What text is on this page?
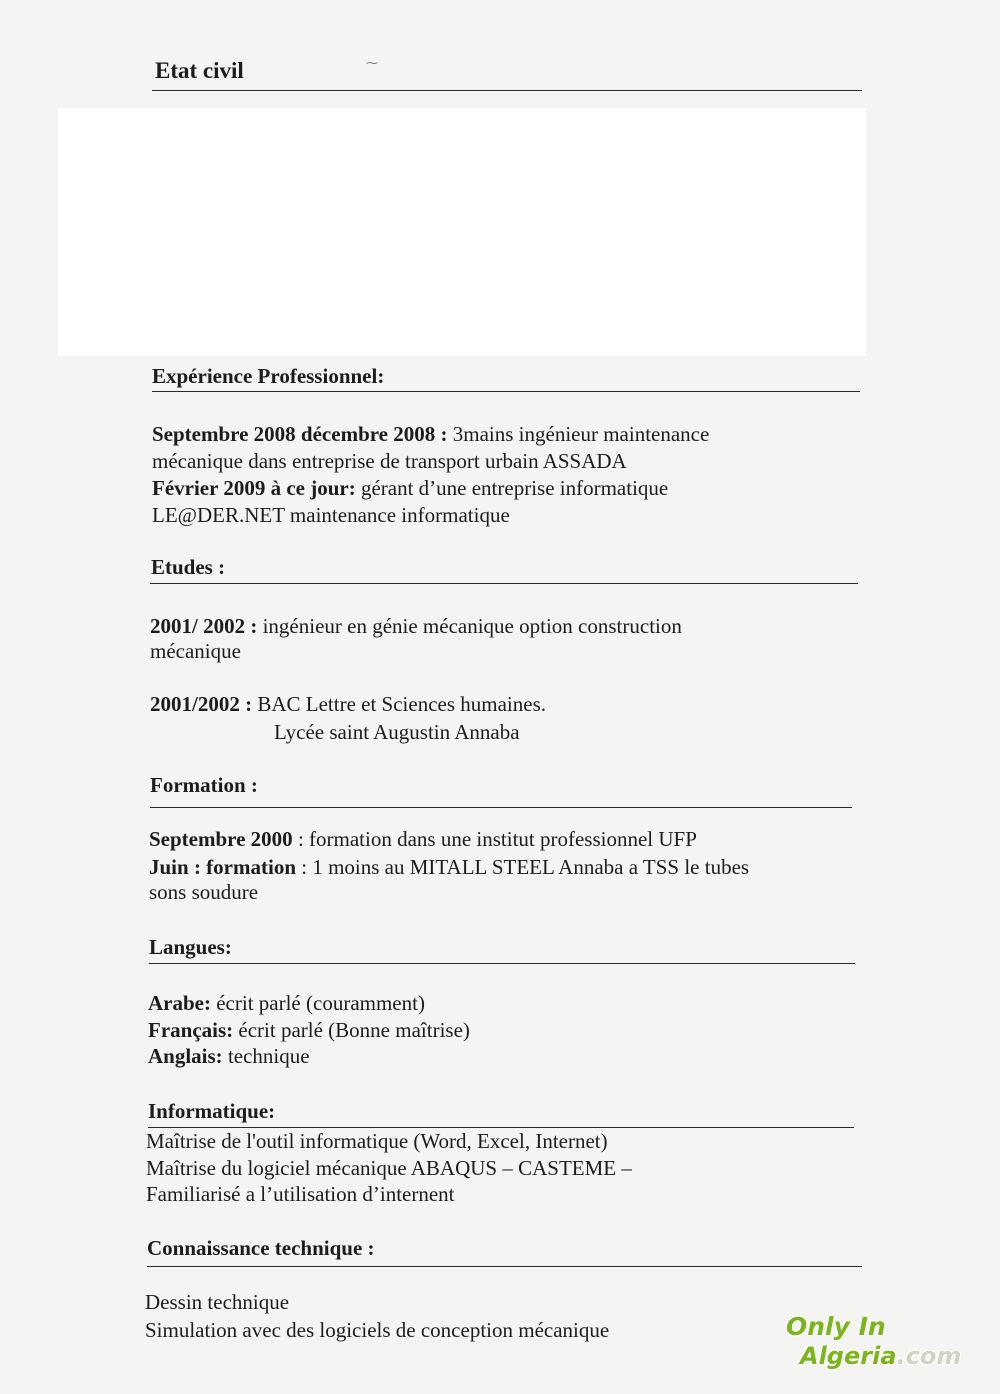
Etat civil	⁓
Expérience Professionnel:
Septembre 2008 décembre 2008 : 3mains ingénieur maintenance
mécanique dans entreprise de transport urbain ASSADA
Février 2009 à ce jour: gérant d’une entreprise informatique
LE@DER.NET maintenance informatique
Etudes :
2001/ 2002 : ingénieur en génie mécanique option construction
mécanique
2001/2002 : BAC Lettre et Sciences humaines.
Lycée saint Augustin Annaba
Formation :
Septembre 2000 : formation dans une institut professionnel UFP
Juin : formation : 1 moins au MITALL STEEL Annaba a TSS le tubes
sons soudure
Langues:
Arabe: écrit parlé (couramment)
Français: écrit parlé (Bonne maîtrise)
Anglais: technique
Informatique:
Maîtrise de l'outil informatique (Word, Excel, Internet)
Maîtrise du logiciel mécanique ABAQUS – CASTEME –
Familiarisé a l’utilisation d’internent
Connaissance technique :
Dessin technique
Simulation avec des logiciels de conception mécanique	Only In
Algeria.com
